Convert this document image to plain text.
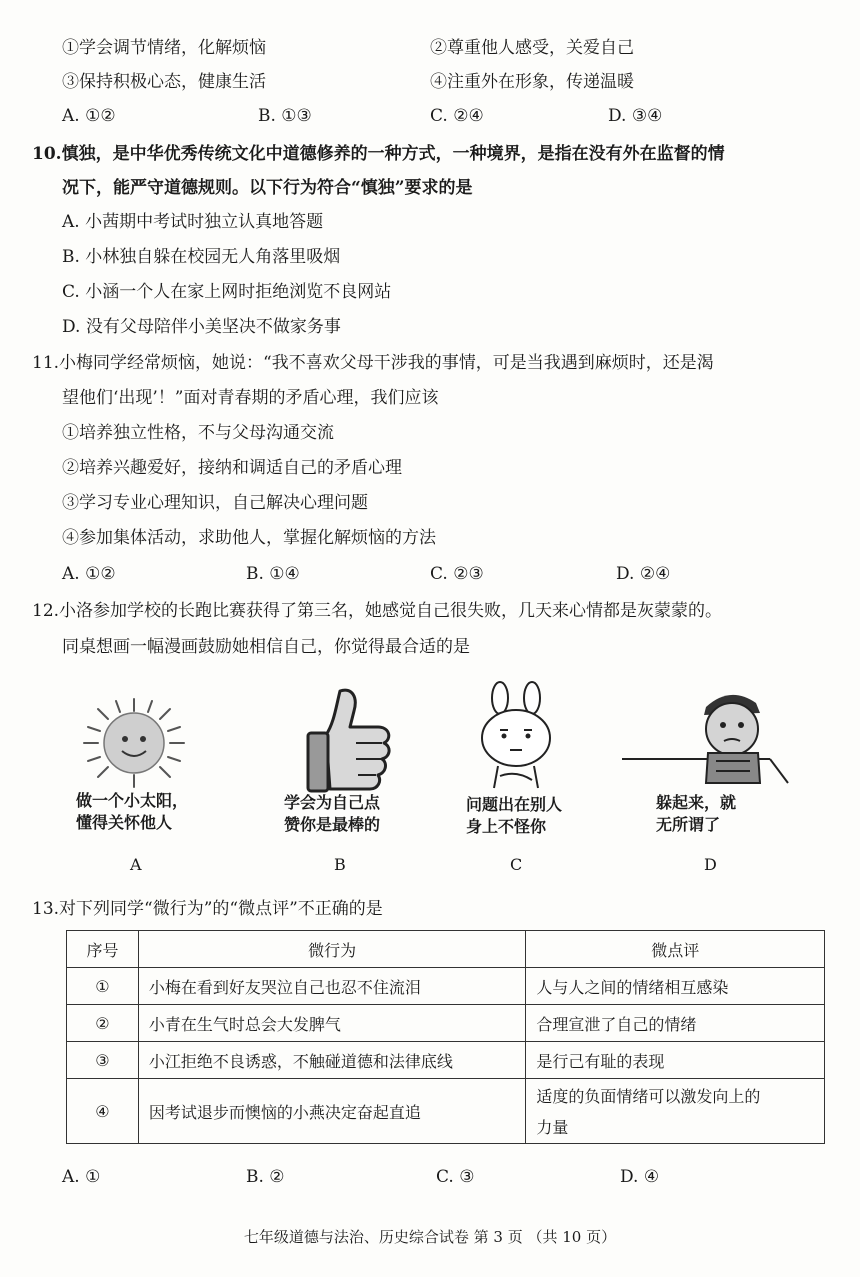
①学会调节情绪，化解烦恼	②尊重他人感受，关爱自己
③保持积极心态，健康生活	④注重外在形象，传递温暖
A. ①②	B. ①③	C. ②④	D. ③④
10.慎独，是中华优秀传统文化中道德修养的一种方式，一种境界，是指在没有外在监督的情
况下，能严守道德规则。以下行为符合“慎独”要求的是
A. 小茜期中考试时独立认真地答题
B. 小林独自躲在校园无人角落里吸烟
C. 小涵一个人在家上网时拒绝浏览不良网站
D. 没有父母陪伴小美坚决不做家务事
11.小梅同学经常烦恼，她说：“我不喜欢父母干涉我的事情，可是当我遇到麻烦时，还是渴
望他们‘出现’！”面对青春期的矛盾心理，我们应该
①培养独立性格，不与父母沟通交流
②培养兴趣爱好，接纳和调适自己的矛盾心理
③学习专业心理知识，自己解决心理问题
④参加集体活动，求助他人，掌握化解烦恼的方法
A. ①②	B. ①④	C. ②③	D. ②④
12.小洛参加学校的长跑比赛获得了第三名，她感觉自己很失败，几天来心情都是灰蒙蒙的。
同桌想画一幅漫画鼓励她相信自己，你觉得最合适的是
做一个小太阳，
懂得关怀他人
学会为自己点
赞你是最棒的
问题出在别人
身上不怪你
躲起来，就
无所谓了
A	B	C	D
13.对下列同学“微行为”的“微点评”不正确的是
序号	微行为	微点评
①	小梅在看到好友哭泣自己也忍不住流泪	人与人之间的情绪相互感染
②	小青在生气时总会大发脾气	合理宣泄了自己的情绪
③	小江拒绝不良诱惑，不触碰道德和法律底线	是行己有耻的表现
④	因考试退步而懊恼的小燕决定奋起直追	适度的负面情绪可以激发向上的
力量
A. ①	B. ②	C. ③	D. ④
七年级道德与法治、历史综合试卷 第 3 页 （共 10 页）
